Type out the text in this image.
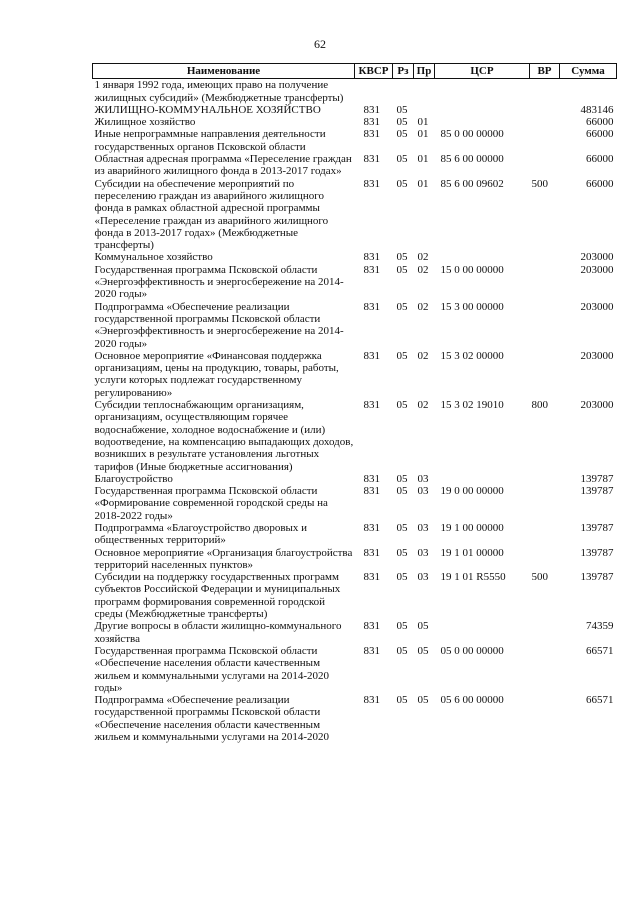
62
Наименование	КВСР	Рз	Пр	ЦСР	ВР	Сумма
1 января 1992 года, имеющих право на получение жилищных субсидий» (Межбюджетные трансферты)						
ЖИЛИЩНО-КОММУНАЛЬНОЕ ХОЗЯЙСТВО	831	05				483146
Жилищное хозяйство	831	05	01			66000
Иные непрограммные направления деятельности государственных органов Псковской области	831	05	01	85 0 00 00000		66000
Областная адресная программа «Переселение граждан из аварийного жилищного фонда в 2013-2017 годах»	831	05	01	85 6 00 00000		66000
Субсидии на обеспечение мероприятий по переселению граждан из аварийного жилищного фонда в рамках областной адресной программы «Переселение граждан из аварийного жилищного фонда в 2013-2017 годах» (Межбюджетные трансферты)	831	05	01	85 6 00 09602	500	66000
Коммунальное хозяйство	831	05	02			203000
Государственная программа Псковской области «Энергоэффективность и энергосбережение на 2014-2020 годы»	831	05	02	15 0 00 00000		203000
Подпрограмма «Обеспечение реализации государственной программы Псковской области «Энергоэффективность и энергосбережение на 2014-2020 годы»	831	05	02	15 3 00 00000		203000
Основное мероприятие «Финансовая поддержка организациям, цены на продукцию, товары, работы, услуги которых подлежат государственному регулированию»	831	05	02	15 3 02 00000		203000
Субсидии теплоснабжающим организациям, организациям, осуществляющим горячее водоснабжение, холодное водоснабжение и (или) водоотведение, на компенсацию выпадающих доходов, возникших в результате установления льготных тарифов (Иные бюджетные ассигнования)	831	05	02	15 3 02 19010	800	203000
Благоустройство	831	05	03			139787
Государственная программа Псковской области «Формирование современной городской среды на 2018-2022 годы»	831	05	03	19 0 00 00000		139787
Подпрограмма «Благоустройство дворовых и общественных территорий»	831	05	03	19 1 00 00000		139787
Основное мероприятие «Организация благоустройства территорий населенных пунктов»	831	05	03	19 1 01 00000		139787
Субсидии на поддержку государственных программ субъектов Российской Федерации и муниципальных программ формирования современной городской среды (Межбюджетные трансферты)	831	05	03	19 1 01 R5550	500	139787
Другие вопросы в области жилищно-коммунального хозяйства	831	05	05			74359
Государственная программа Псковской области «Обеспечение населения области качественным жильем и коммунальными услугами на 2014-2020 годы»	831	05	05	05 0 00 00000		66571
Подпрограмма «Обеспечение реализации государственной программы Псковской области «Обеспечение населения области качественным жильем и коммунальными услугами на 2014-2020	831	05	05	05 6 00 00000		66571
